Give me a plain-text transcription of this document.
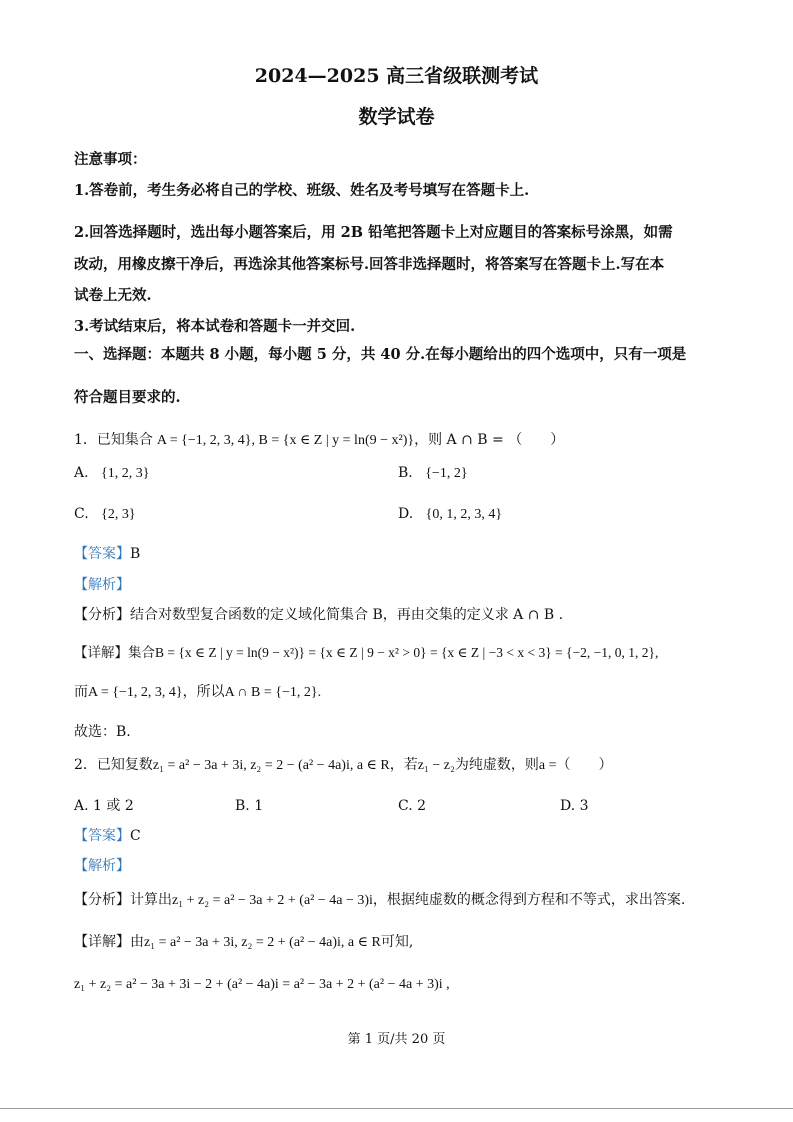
2024—2025 高三省级联测考试
数学试卷
注意事项：
1.答卷前，考生务必将自己的学校、班级、姓名及考号填写在答题卡上.
2.回答选择题时，选出每小题答案后，用 2B 铅笔把答题卡上对应题目的答案标号涂黑，如需
改动，用橡皮擦干净后，再选涂其他答案标号.回答非选择题时，将答案写在答题卡上.写在本
试卷上无效.
3.考试结束后，将本试卷和答题卡一并交回.
一、选择题：本题共 8 小题，每小题 5 分，共 40 分.在每小题给出的四个选项中，只有一项是
符合题目要求的.
1．已知集合 A = {−1, 2, 3, 4}, B = {x ∈ Z | y = ln(9 − x²)}，则 A ∩ B = （　　）
A. {1, 2, 3}	B. {−1, 2}
C. {2, 3}	D. {0, 1, 2, 3, 4}
【答案】B
【解析】
【分析】结合对数型复合函数的定义域化简集合 B，再由交集的定义求 A ∩ B .
【详解】集合B = {x ∈ Z | y = ln(9 − x²)} = {x ∈ Z | 9 − x² > 0} = {x ∈ Z | −3 < x < 3} = {−2, −1, 0, 1, 2},
而A = {−1, 2, 3, 4}，所以A ∩ B = {−1, 2}.
故选：B.
2．已知复数z₁ = a² − 3a + 3i, z₂ = 2 − (a² − 4a)i, a ∈ R，若z₁ − z₂为纯虚数，则a =（　　）
A. 1 或 2	B. 1	C. 2	D. 3
【答案】C
【解析】
【分析】计算出z₁ + z₂ = a² − 3a + 2 + (a² − 4a − 3)i，根据纯虚数的概念得到方程和不等式，求出答案.
【详解】由z₁ = a² − 3a + 3i, z₂ = 2 + (a² − 4a)i, a ∈ R可知,
z₁ + z₂ = a² − 3a + 3i − 2 + (a² − 4a)i = a² − 3a + 2 + (a² − 4a + 3)i ,
第 1 页/共 20 页
